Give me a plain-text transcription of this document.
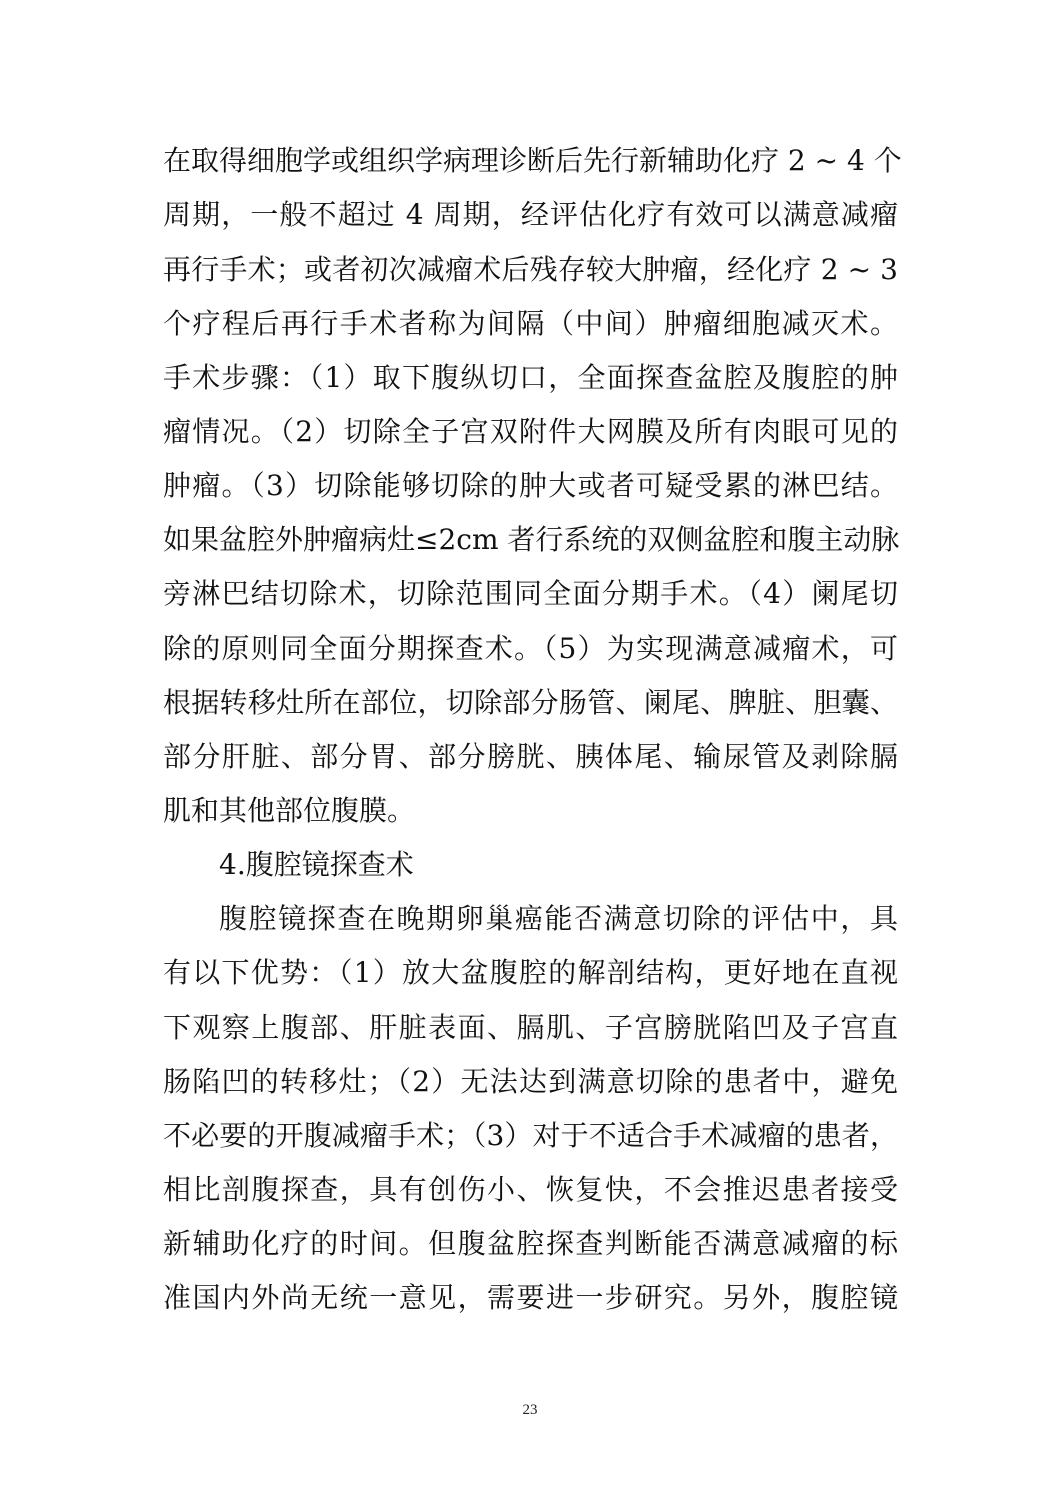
在取得细胞学或组织学病理诊断后先行新辅助化疗 2 ~ 4 个
周期，一般不超过 4 周期，经评估化疗有效可以满意减瘤
再行手术；或者初次减瘤术后残存较大肿瘤，经化疗 2 ~ 3
个疗程后再行手术者称为间隔（中间）肿瘤细胞减灭术。
手术步骤：（1）取下腹纵切口，全面探查盆腔及腹腔的肿
瘤情况。（2）切除全子宫双附件大网膜及所有肉眼可见的
肿瘤。（3）切除能够切除的肿大或者可疑受累的淋巴结。
如果盆腔外肿瘤病灶≤2cm 者行系统的双侧盆腔和腹主动脉
旁淋巴结切除术，切除范围同全面分期手术。（4）阑尾切
除的原则同全面分期探查术。（5）为实现满意减瘤术，可
根据转移灶所在部位，切除部分肠管、阑尾、脾脏、胆囊、
部分肝脏、部分胃、部分膀胱、胰体尾、输尿管及剥除膈
肌和其他部位腹膜。
4.腹腔镜探查术
腹腔镜探查在晚期卵巢癌能否满意切除的评估中，具
有以下优势：（1）放大盆腹腔的解剖结构，更好地在直视
下观察上腹部、肝脏表面、膈肌、子宫膀胱陷凹及子宫直
肠陷凹的转移灶；（2）无法达到满意切除的患者中，避免
不必要的开腹减瘤手术；（3）对于不适合手术减瘤的患者，
相比剖腹探查，具有创伤小、恢复快，不会推迟患者接受
新辅助化疗的时间。但腹盆腔探查判断能否满意减瘤的标
准国内外尚无统一意见，需要进一步研究。另外，腹腔镜
23
